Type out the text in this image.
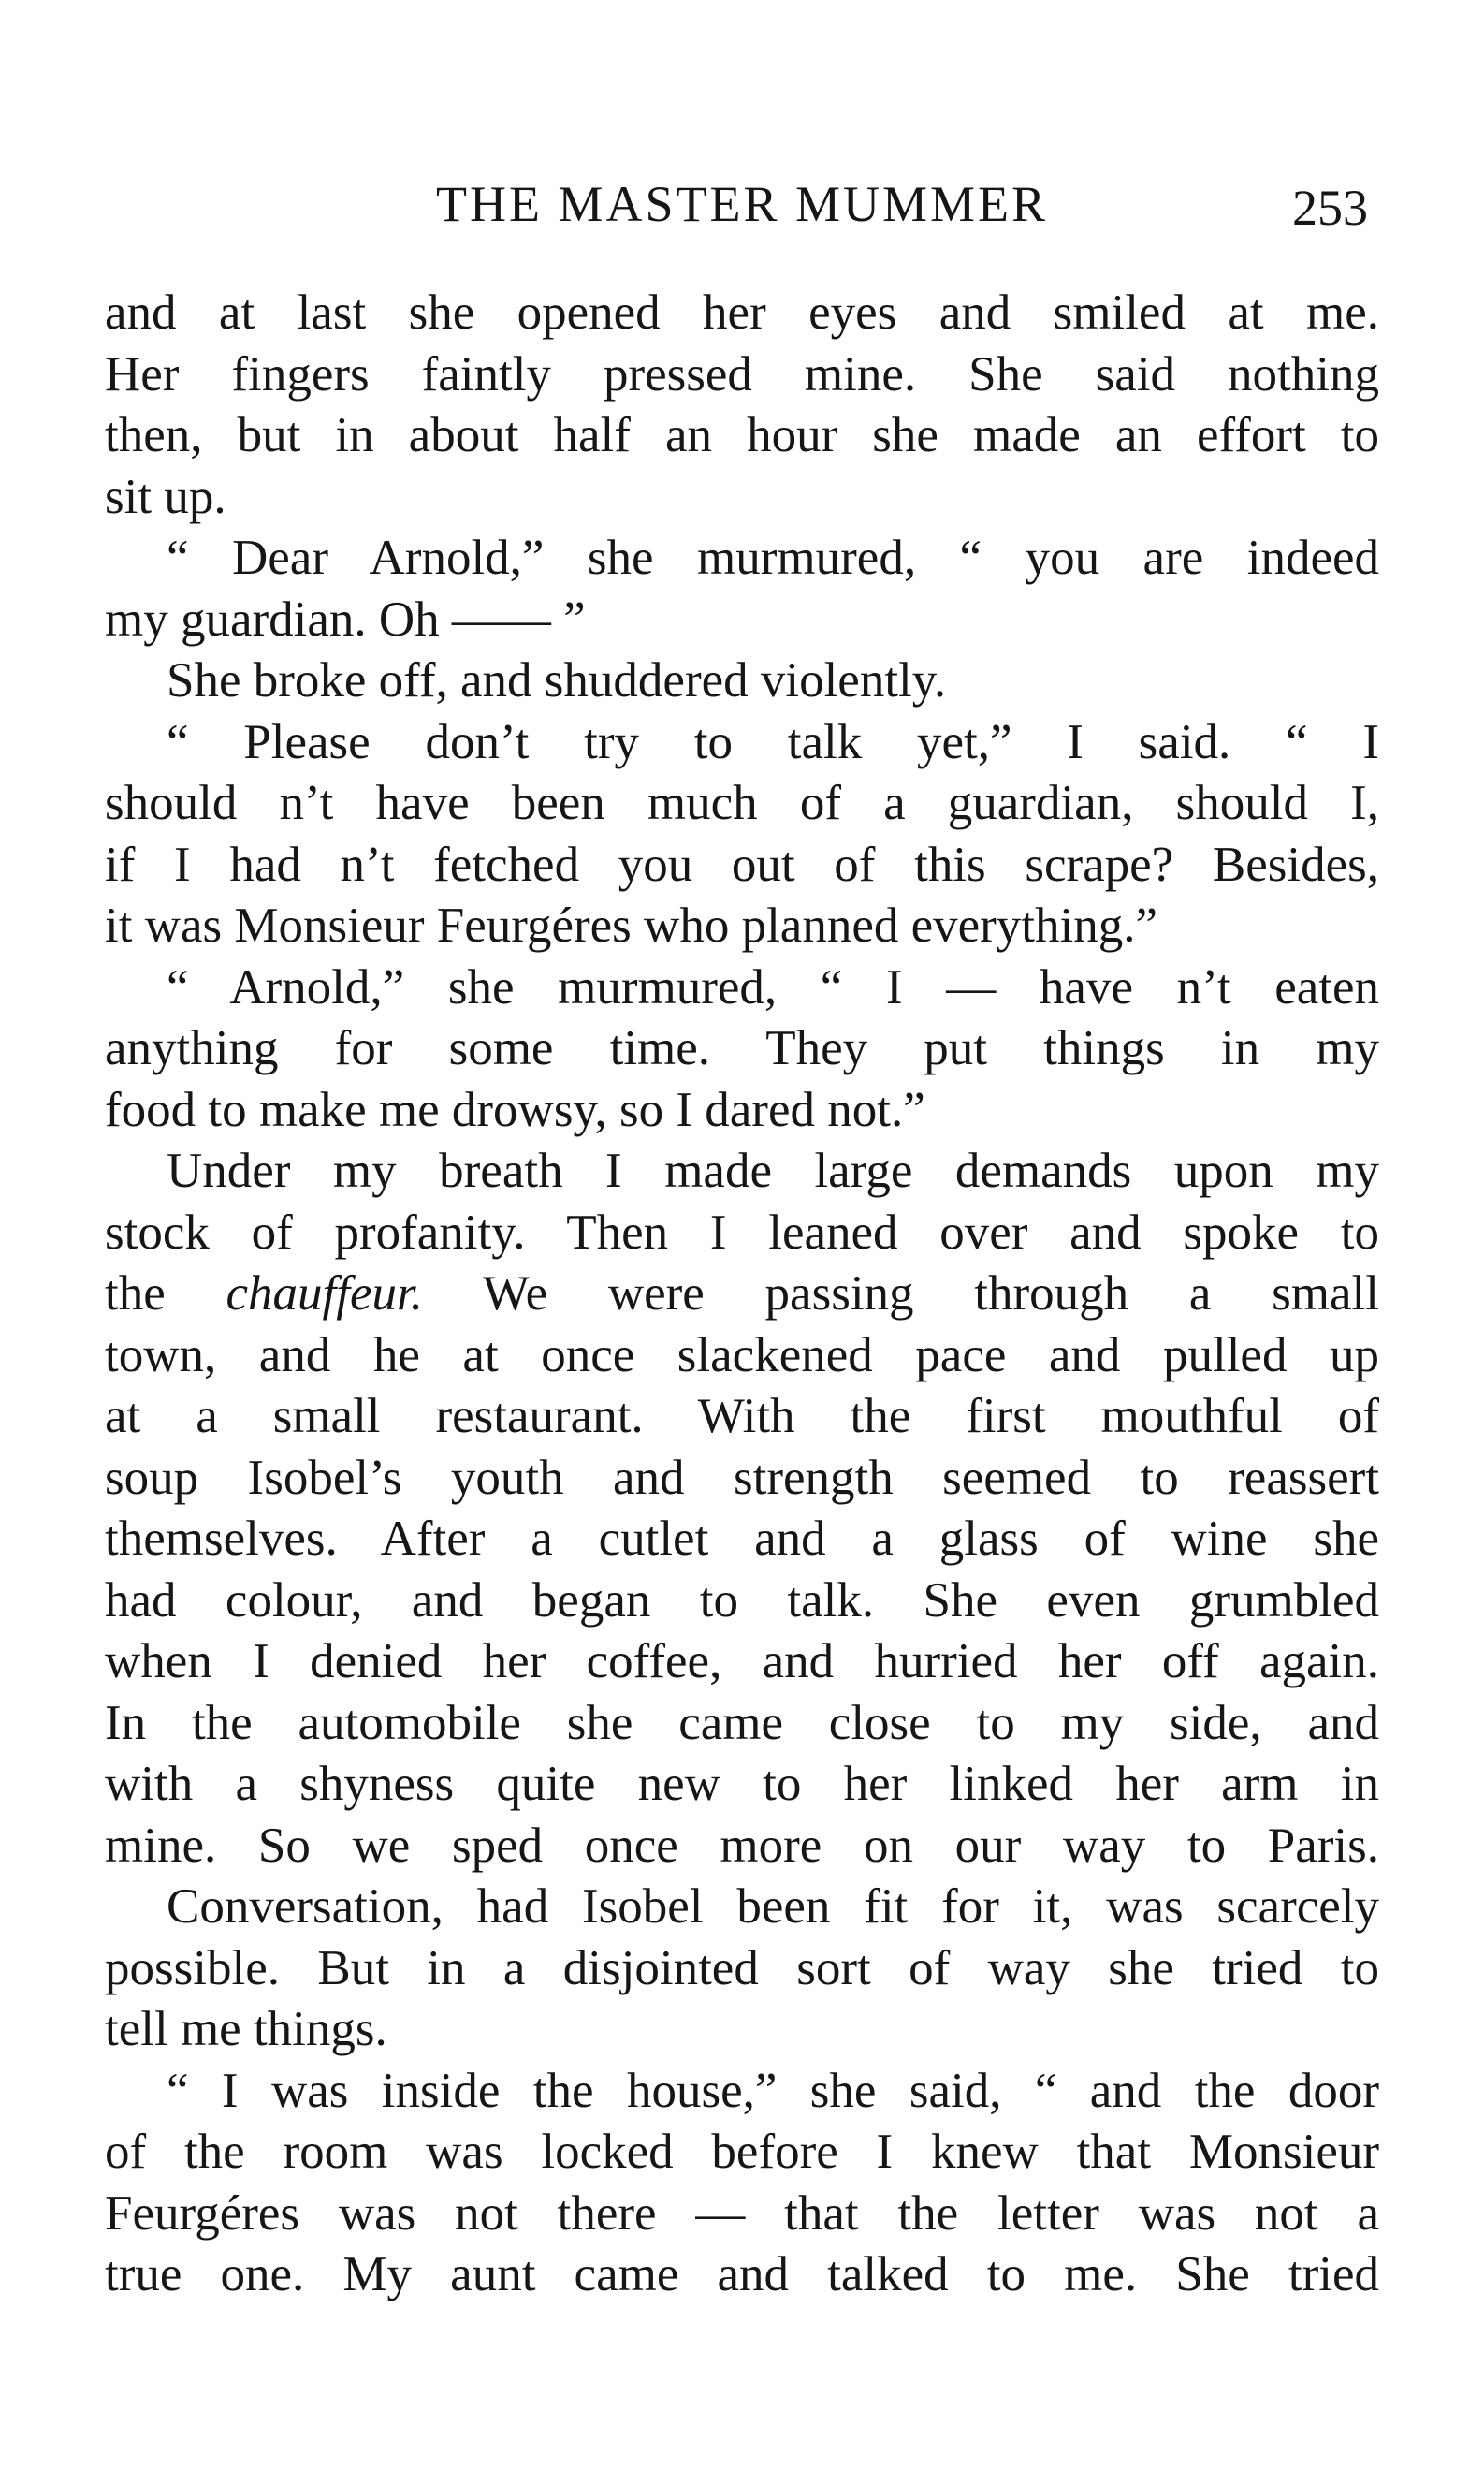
THE MASTER MUMMER	253
and at last she opened her eyes and smiled at me.
Her fingers faintly pressed mine. She said nothing
then, but in about half an hour she made an effort to
sit up.
“ Dear Arnold,” she murmured, “ you are indeed
my guardian. Oh —— ”
She broke off, and shuddered violently.
“ Please don’t try to talk yet,” I said. “ I
should n’t have been much of a guardian, should I,
if I had n’t fetched you out of this scrape? Besides,
it was Monsieur Feurgéres who planned everything.”
“ Arnold,” she murmured, “ I — have n’t eaten
anything for some time. They put things in my
food to make me drowsy, so I dared not.”
Under my breath I made large demands upon my
stock of profanity. Then I leaned over and spoke to
the chauffeur. We were passing through a small
town, and he at once slackened pace and pulled up
at a small restaurant. With the first mouthful of
soup Isobel’s youth and strength seemed to reassert
themselves. After a cutlet and a glass of wine she
had colour, and began to talk. She even grumbled
when I denied her coffee, and hurried her off again.
In the automobile she came close to my side, and
with a shyness quite new to her linked her arm in
mine. So we sped once more on our way to Paris.
Conversation, had Isobel been fit for it, was scarcely
possible. But in a disjointed sort of way she tried to
tell me things.
“ I was inside the house,” she said, “ and the door
of the room was locked before I knew that Monsieur
Feurgéres was not there — that the letter was not a
true one. My aunt came and talked to me. She tried
